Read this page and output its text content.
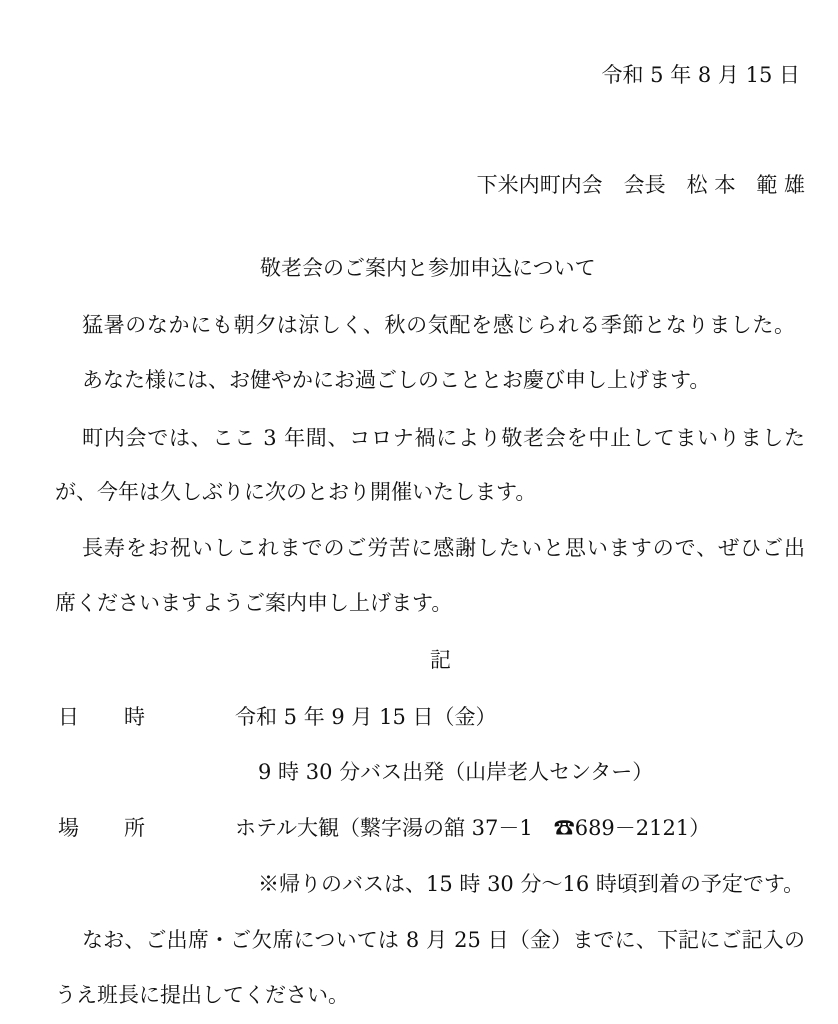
令和 5 年 8 月 15 日

下米内町内会　会長　松 本　範 雄

敬老会のご案内と参加申込について

猛暑のなかにも朝夕は涼しく、秋の気配を感じられる季節となりました。

あなた様には、お健やかにお過ごしのこととお慶び申し上げます。

町内会では、ここ 3 年間、コロナ禍により敬老会を中止してまいりました

が、今年は久しぶりに次のとおり開催いたします。

長寿をお祝いしこれまでのご労苦に感謝したいと思いますので、ぜひご出

席くださいますようご案内申し上げます。

記

日　　時	令和 5 年 9 月 15 日（金）

9 時 30 分バス出発（山岸老人センター）

場　　所	ホテル大観（繋字湯の舘 37－1　☎689－2121）

※帰りのバスは、15 時 30 分～16 時頃到着の予定です。

なお、ご出席・ご欠席については 8 月 25 日（金）までに、下記にご記入の

うえ班長に提出してください。
